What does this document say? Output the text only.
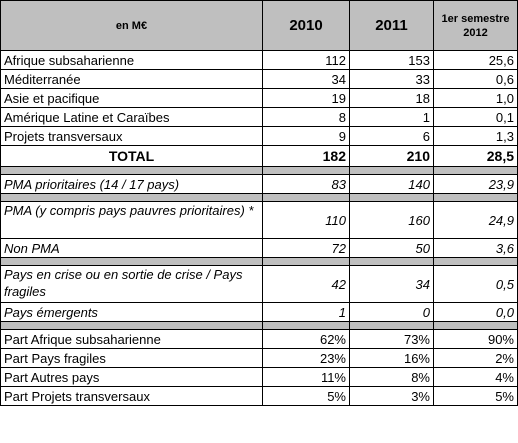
en M€	2010	2011	1er semestre 2012
Afrique subsaharienne	112	153	25,6
Méditerranée	34	33	0,6
Asie et pacifique	19	18	1,0
Amérique Latine et Caraïbes	8	1	0,1
Projets transversaux	9	6	1,3
TOTAL	182	210	28,5

PMA prioritaires (14 / 17 pays)	83	140	23,9

PMA (y compris pays pauvres prioritaires) *	110	160	24,9
Non PMA	72	50	3,6

Pays en crise ou en sortie de crise / Pays fragiles	42	34	0,5
Pays émergents	1	0	0,0

Part Afrique subsaharienne	62%	73%	90%
Part Pays fragiles	23%	16%	2%
Part Autres pays	11%	8%	4%
Part Projets transversaux	5%	3%	5%
